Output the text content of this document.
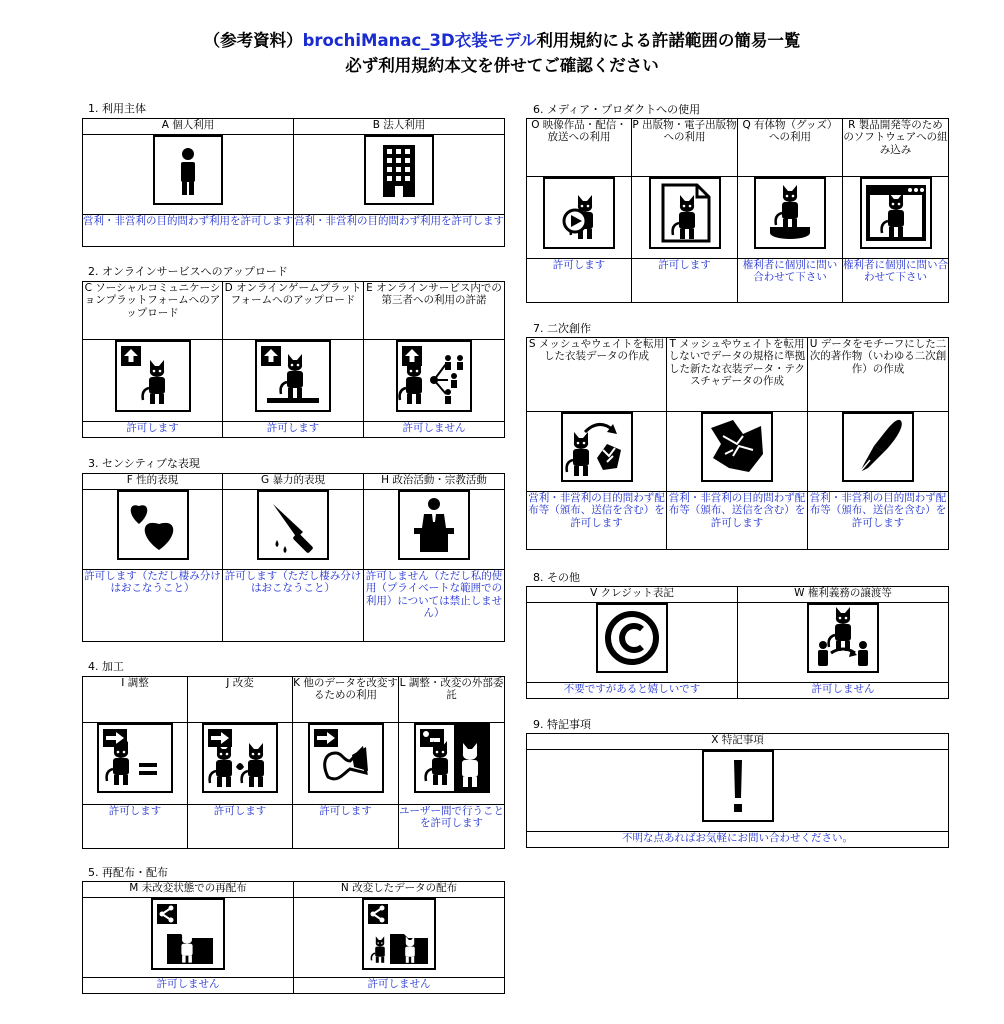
（参考資料）brochiManac_3D衣装モデル利用規約による許諾範囲の簡易一覧
必ず利用規約本文を併せてご確認ください
1. 利用主体
A 個人利用	B 法人利用

営利・非営利の目的問わず利用を許可します	営利・非営利の目的問わず利用を許可します
2. オンラインサービスへのアップロード
C ソーシャルコミュニケーションプラットフォームへのアップロード	D オンラインゲームプラットフォームへのアップロード	E オンラインサービス内での第三者への利用の許諾

許可します	許可します	許可しません
3. センシティブな表現
F 性的表現	G 暴力的表現	H 政治活動・宗教活動

許可します（ただし棲み分けはおこなうこと）	許可します（ただし棲み分けはおこなうこと）	許可しません（ただし私的使用（プライベートな範囲での利用）については禁止しません）
4. 加工
I 調整	J 改変	K 他のデータを改変するための利用	L 調整・改変の外部委託

許可します	許可します	許可します	ユーザー間で行うことを許可します
5. 再配布・配布
M 未改変状態での再配布	N 改変したデータの配布

許可しません	許可しません
6. メディア・プロダクトへの使用
O 映像作品・配信・放送への利用	P 出版物・電子出版物への利用	Q 有体物（グッズ）への利用	R 製品開発等のためのソフトウェアへの組み込み

許可します	許可します	権利者に個別に問い合わせて下さい	権利者に個別に問い合わせて下さい
7. 二次創作
S メッシュやウェイトを転用した衣装データの作成	T メッシュやウェイトを転用しないでデータの規格に準拠した新たな衣装データ・テクスチャデータの作成	U データをモチーフにした二次的著作物（いわゆる二次創作）の作成

営利・非営利の目的問わず配布等（頒布、送信を含む）を許可します	営利・非営利の目的問わず配布等（頒布、送信を含む）を許可します	営利・非営利の目的問わず配布等（頒布、送信を含む）を許可します
8. その他
V クレジット表記	W 権利義務の譲渡等

不要ですがあると嬉しいです	許可しません
9. 特記事項
X 特記事項

不明な点あればお気軽にお問い合わせください。
